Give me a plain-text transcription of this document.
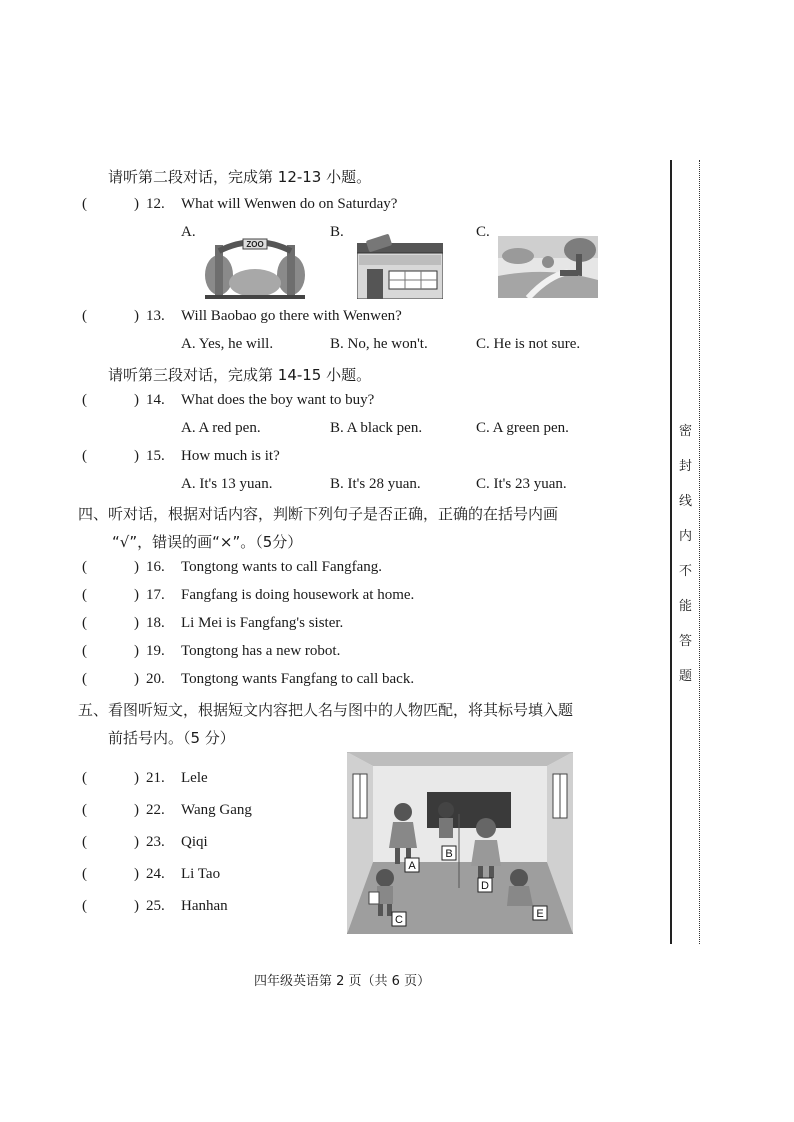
请听第二段对话，完成第 12-13 小题。
(	) 12. What will Wenwen do on Saturday?
A.	B.	C.
ZOO
(	) 13. Will Baobao go there with Wenwen?
A. Yes, he will.	B. No, he won't.	C. He is not sure.
请听第三段对话，完成第 14-15 小题。
(	) 14. What does the boy want to buy?
A. A red pen.	B. A black pen.	C. A green pen.
(	) 15. How much is it?
A. It's 13 yuan.	B. It's 28 yuan.	C. It's 23 yuan.
四、听对话，根据对话内容，判断下列句子是否正确，正确的在括号内画
“√”，错误的画“×”。（5分）
(	) 16. Tongtong wants to call Fangfang.
(	) 17. Fangfang is doing housework at home.
(	) 18. Li Mei is Fangfang's sister.
(	) 19. Tongtong has a new robot.
(	) 20. Tongtong wants Fangfang to call back.
五、看图听短文，根据短文内容把人名与图中的人物匹配，将其标号填入题
前括号内。（5 分）
(	) 21. Lele
(	) 22. Wang Gang
(	) 23. Qiqi
(	) 24. Li Tao
(	) 25. Hanhan
A
B
C
D
E
密
封
线
内
不
能
答
题
四年级英语第 2 页（共 6 页）
